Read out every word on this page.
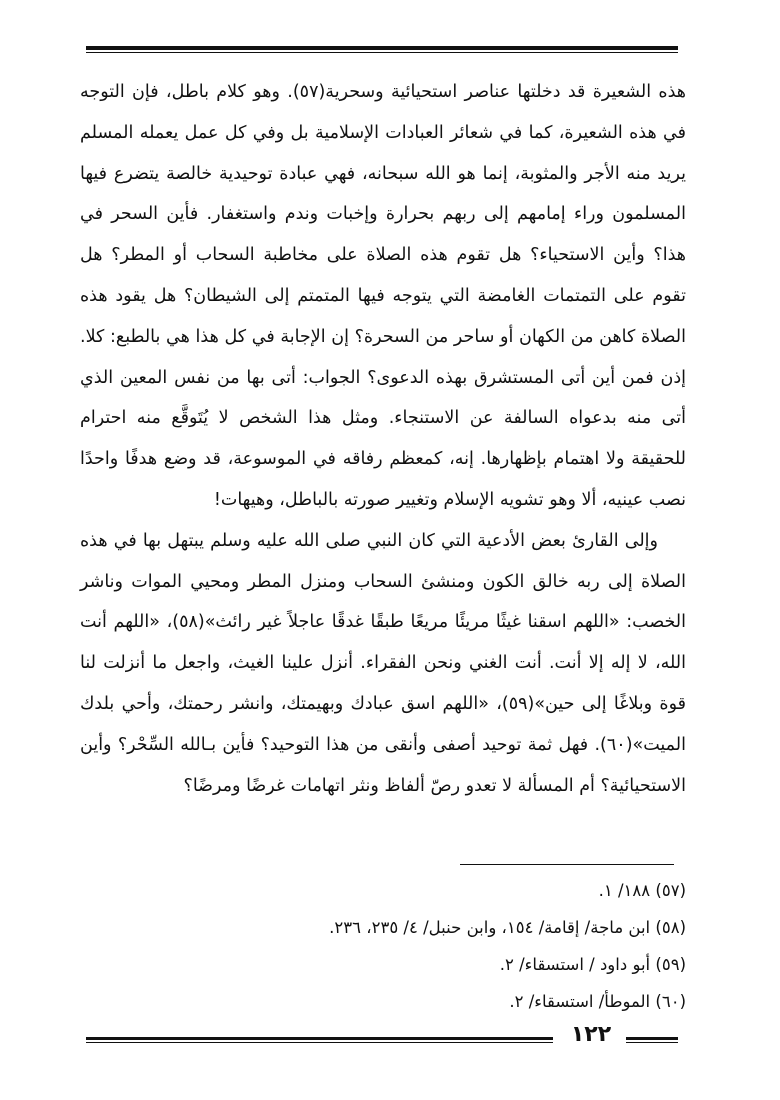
هذه الشعيرة قد دخلتها عناصر استحيائية وسحرية(٥٧). وهو كلام باطل، فإن التوجه في هذه الشعيرة، كما في شعائر العبادات الإسلامية بل وفي كل عمل يعمله المسلم يريد منه الأجر والمثوبة، إنما هو الله سبحانه، فهي عبادة توحيدية خالصة يتضرع فيها المسلمون وراء إمامهم إلى ربهم بحرارة وإخبات وندم واستغفار. فأين السحر في هذا؟ وأين الاستحياء؟ هل تقوم هذه الصلاة على مخاطبة السحاب أو المطر؟ هل تقوم على التمتمات الغامضة التي يتوجه فيها المتمتم إلى الشيطان؟ هل يقود هذه الصلاة كاهن من الكهان أو ساحر من السحرة؟ إن الإجابة في كل هذا هي بالطبع: كلا. إذن فمن أين أتى المستشرق بهذه الدعوى؟ الجواب: أتى بها من نفس المعين الذي أتى منه بدعواه السالفة عن الاستنجاء. ومثل هذا الشخص لا يُتَوقَّع منه احترام للحقيقة ولا اهتمام بإظهارها. إنه، كمعظم رفاقه في الموسوعة، قد وضع هدفًا واحدًا نصب عينيه، ألا وهو تشويه الإسلام وتغيير صورته بالباطل، وهيهات!

وإلى القارئ بعض الأدعية التي كان النبي صلى الله عليه وسلم يبتهل بها في هذه الصلاة إلى ربه خالق الكون ومنشئ السحاب ومنزل المطر ومحيي الموات وناشر الخصب: «اللهم اسقنا غيثًا مريئًا مريعًا طبقًا غدقًا عاجلاً غير رائث»(٥٨)، «اللهم أنت الله، لا إله إلا أنت. أنت الغني ونحن الفقراء. أنزل علينا الغيث، واجعل ما أنزلت لنا قوة وبلاغًا إلى حين»(٥٩)، «اللهم اسق عبادك وبهيمتك، وانشر رحمتك، وأحي بلدك الميت»(٦٠). فهل ثمة توحيد أصفى وأنقى من هذا التوحيد؟ فأين بـالله السِّحْر؟ وأين الاستحيائية؟ أم المسألة لا تعدو رصّ ألفاظ ونثر اتهامات غرضًا ومرضًا؟

(٥٧) ١٨٨/ ١.
(٥٨) ابن ماجة/ إقامة/ ١٥٤، وابن حنبل/ ٤/ ٢٣٥، ٢٣٦.
(٥٩) أبو داود / استسقاء/ ٢.
(٦٠) الموطأ/ استسقاء/ ٢.
١٢٢
